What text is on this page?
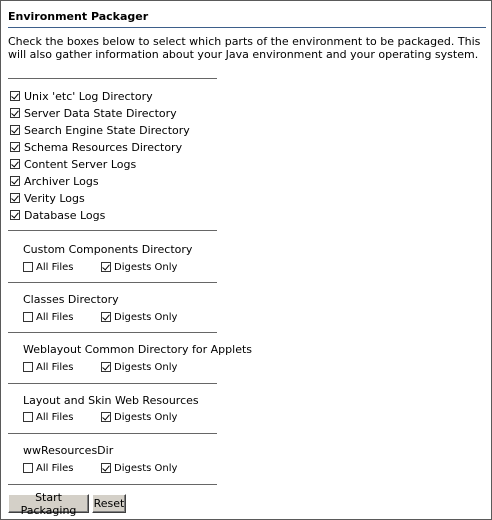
Environment Packager
Check the boxes below to select which parts of the environment to be packaged. This will also gather information about your Java environment and your operating system.
Unix 'etc' Log Directory
Server Data State Directory
Search Engine State Directory
Schema Resources Directory
Content Server Logs
Archiver Logs
Verity Logs
Database Logs
Custom Components Directory
All Files	Digests Only
Classes Directory
All Files	Digests Only
Weblayout Common Directory for Applets
All Files	Digests Only
Layout and Skin Web Resources
All Files	Digests Only
wwResourcesDir
All Files	Digests Only
Start Packaging	Reset
